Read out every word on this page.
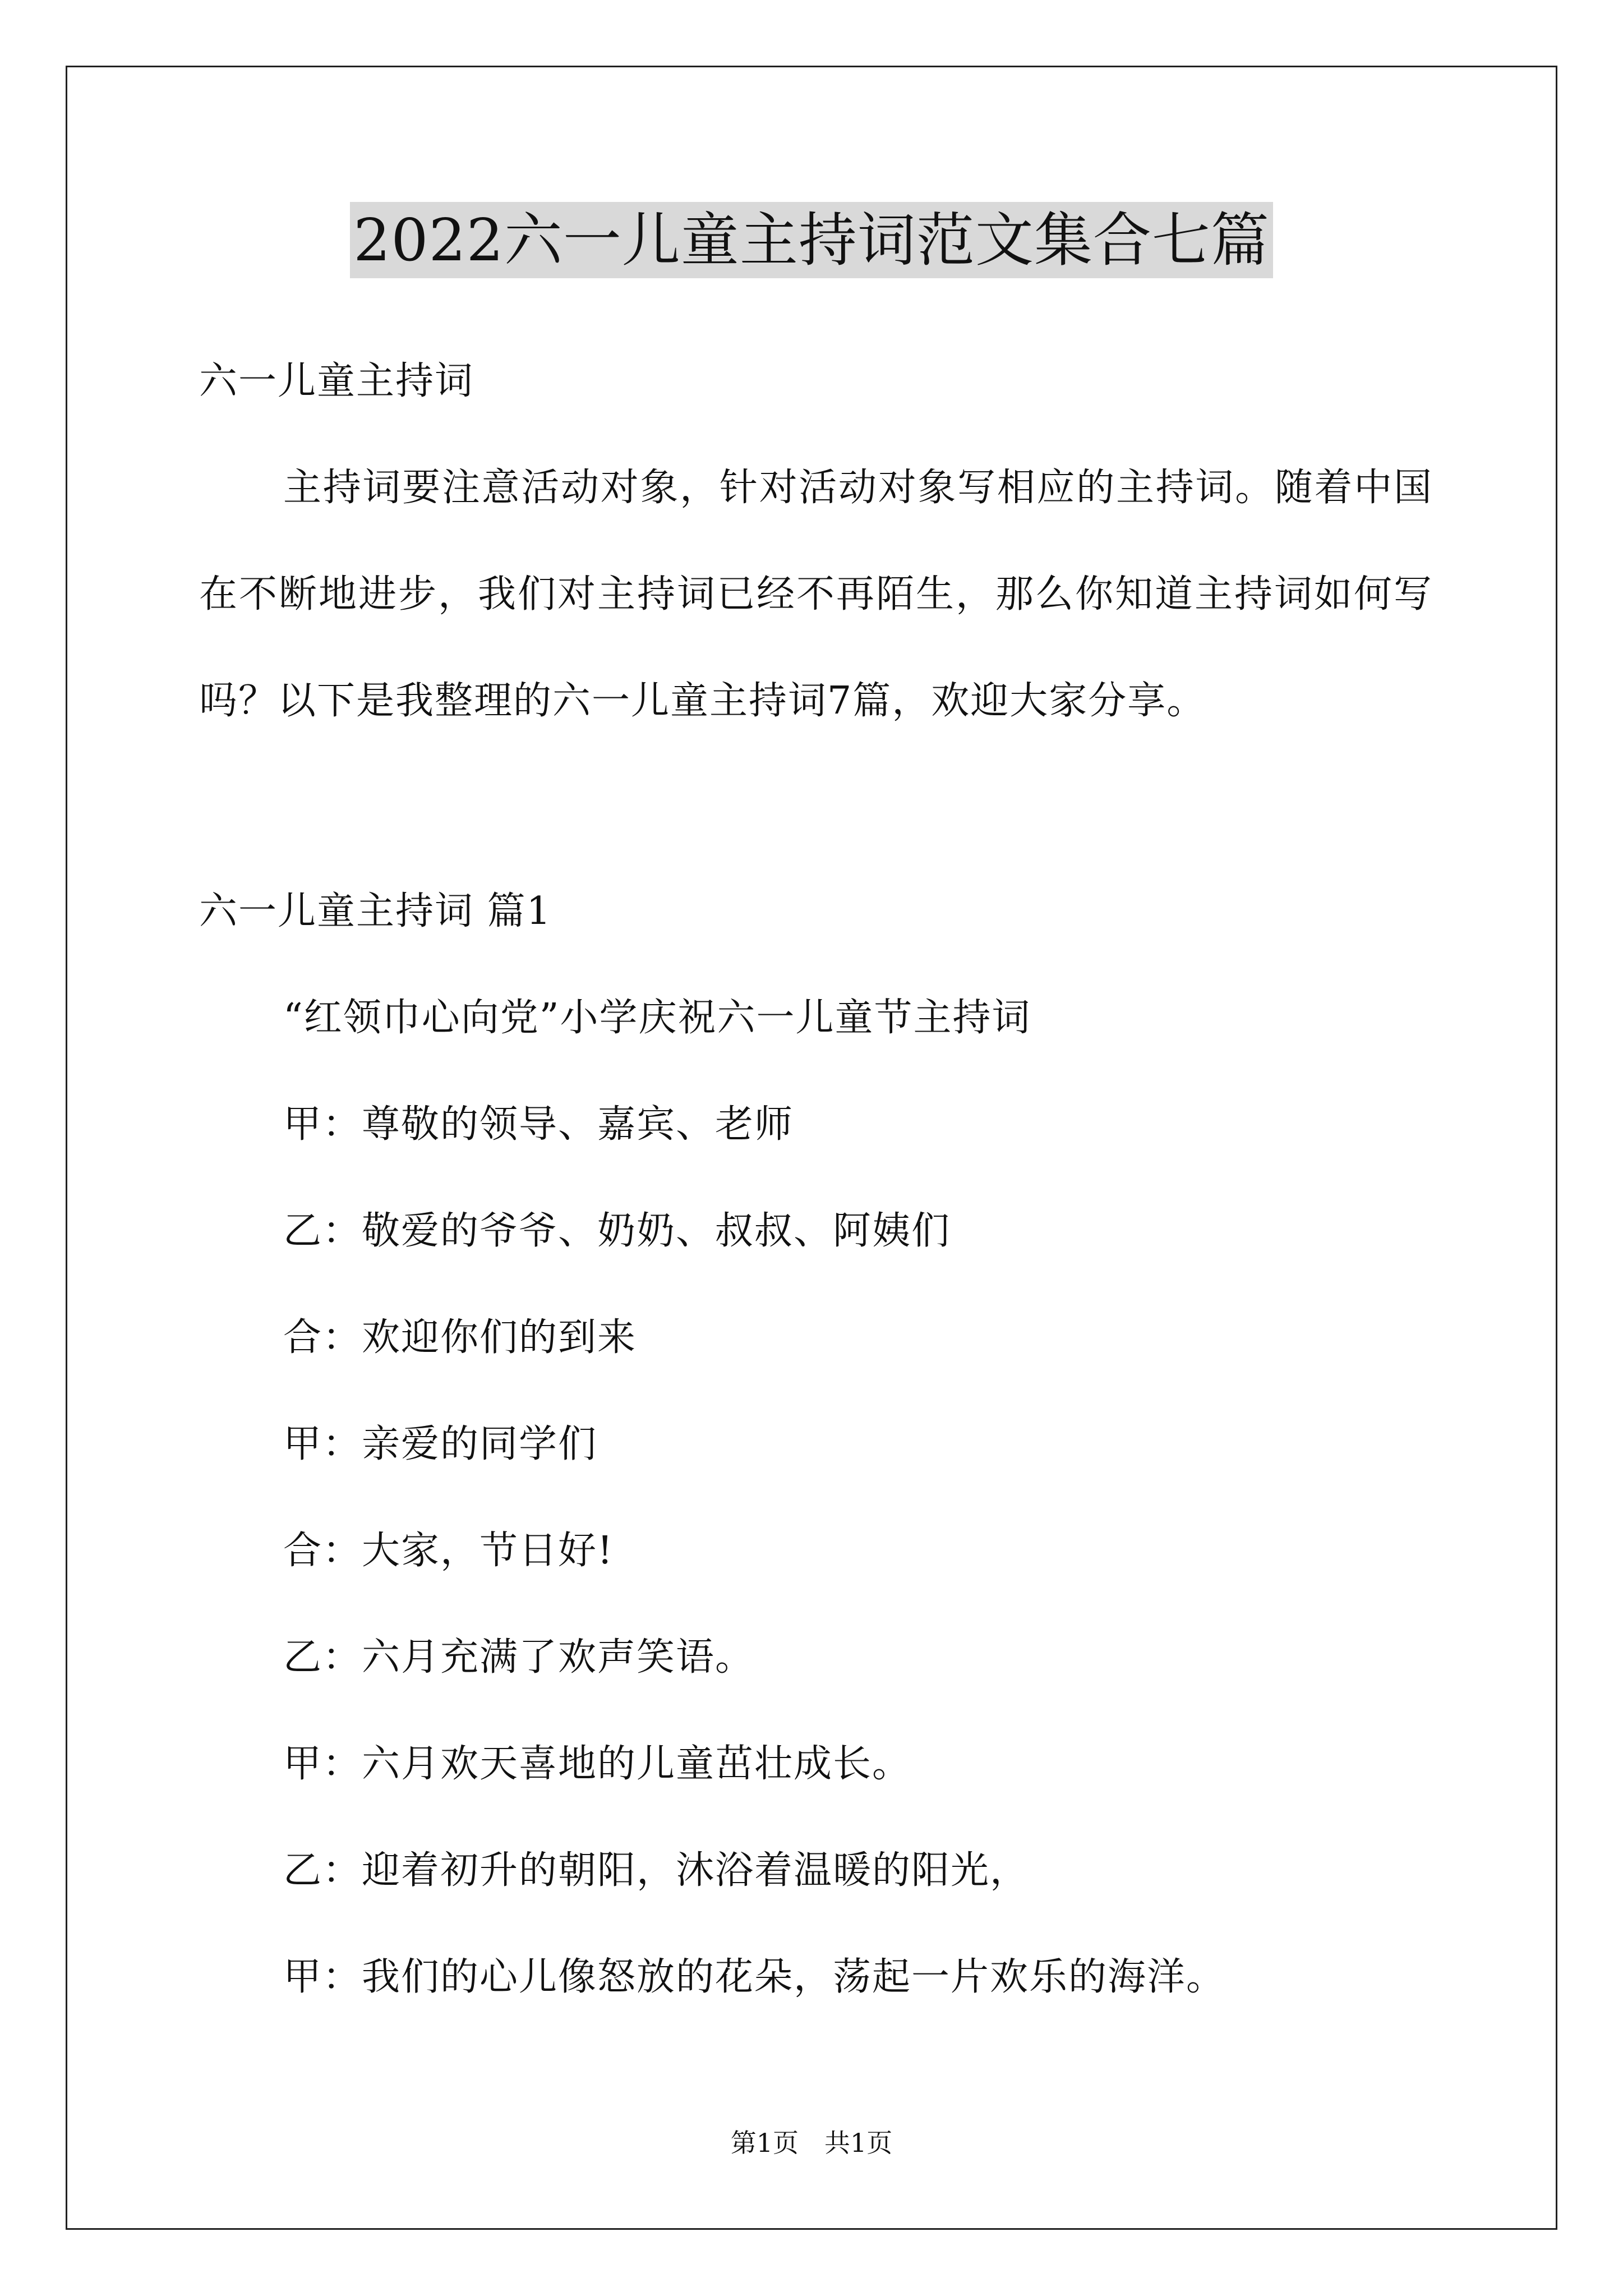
2022六一儿童主持词范文集合七篇
六一儿童主持词

主持词要注意活动对象，针对活动对象写相应的主持词。随着中国在不断地进步，我们对主持词已经不再陌生，那么你知道主持词如何写吗？以下是我整理的六一儿童主持词7篇，欢迎大家分享。

六一儿童主持词 篇1
“红领巾心向党”小学庆祝六一儿童节主持词
甲：尊敬的领导、嘉宾、老师
乙：敬爱的爷爷、奶奶、叔叔、阿姨们
合：欢迎你们的到来
甲：亲爱的同学们
合：大家，节日好!
乙：六月充满了欢声笑语。
甲：六月欢天喜地的儿童茁壮成长。
乙：迎着初升的朝阳，沐浴着温暖的阳光，
甲：我们的心儿像怒放的花朵，荡起一片欢乐的海洋。
第1页　共1页
